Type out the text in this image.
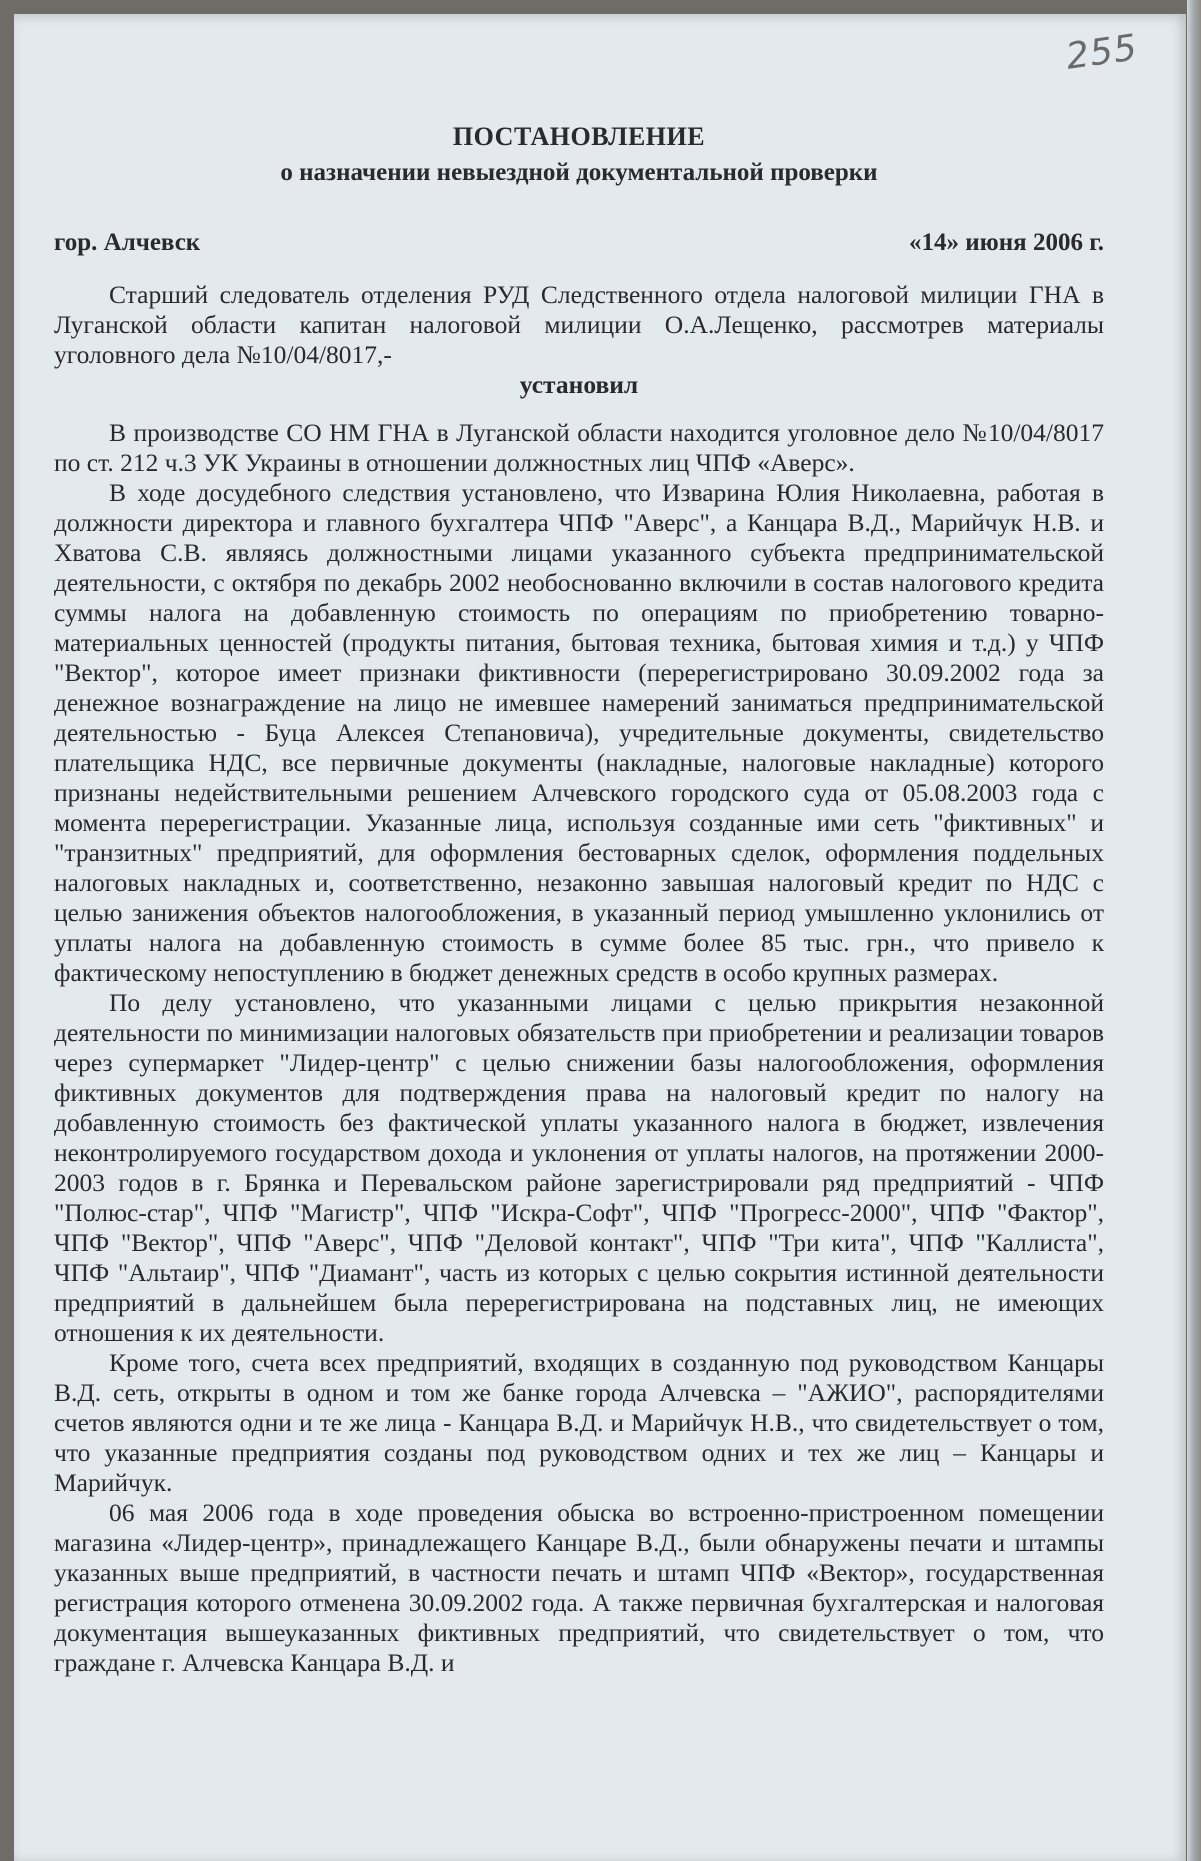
255

ПОСТАНОВЛЕНИЕ

о назначении невыездной документальной проверки

гор. Алчевск	«14» июня 2006 г.

Старший следователь отделения РУД Следственного отдела налоговой милиции ГНА в Луганской области капитан налоговой милиции О.А.Лещенко, рассмотрев материалы уголовного дела №10/04/8017,-

установил

В производстве СО НМ ГНА в Луганской области находится уголовное дело №10/04/8017 по ст. 212 ч.3 УК Украины в отношении должностных лиц ЧПФ «Аверс».

В ходе досудебного следствия установлено, что Изварина Юлия Николаевна, работая в должности директора и главного бухгалтера ЧПФ "Аверс", а Канцара В.Д., Марийчук Н.В. и Хватова С.В. являясь должностными лицами указанного субъекта предпринимательской деятельности, с октября по декабрь 2002 необоснованно включили в состав налогового кредита суммы налога на добавленную стоимость по операциям по приобретению товарно-материальных ценностей (продукты питания, бытовая техника, бытовая химия и т.д.) у ЧПФ "Вектор", которое имеет признаки фиктивности (перерегистрировано 30.09.2002 года за денежное вознаграждение на лицо не имевшее намерений заниматься предпринимательской деятельностью - Буца Алексея Степановича), учредительные документы, свидетельство плательщика НДС, все первичные документы (накладные, налоговые накладные) которого признаны недействительными решением Алчевского городского суда от 05.08.2003 года с момента перерегистрации. Указанные лица, используя созданные ими сеть "фиктивных" и "транзитных" предприятий, для оформления бестоварных сделок, оформления поддельных налоговых накладных и, соответственно, незаконно завышая налоговый кредит по НДС с целью занижения объектов налогообложения, в указанный период умышленно уклонились от уплаты налога на добавленную стоимость в сумме более 85 тыс. грн., что привело к фактическому непоступлению в бюджет денежных средств в особо крупных размерах.

По делу установлено, что указанными лицами с целью прикрытия незаконной деятельности по минимизации налоговых обязательств при приобретении и реализации товаров через супермаркет "Лидер-центр" с целью снижении базы налогообложения, оформления фиктивных документов для подтверждения права на налоговый кредит по налогу на добавленную стоимость без фактической уплаты указанного налога в бюджет, извлечения неконтролируемого государством дохода и уклонения от уплаты налогов, на протяжении 2000-2003 годов в г. Брянка и Перевальском районе зарегистрировали ряд предприятий - ЧПФ "Полюс-стар", ЧПФ "Магистр", ЧПФ "Искра-Софт", ЧПФ "Прогресс-2000", ЧПФ "Фактор", ЧПФ "Вектор", ЧПФ "Аверс", ЧПФ "Деловой контакт", ЧПФ "Три кита", ЧПФ "Каллиста", ЧПФ "Альтаир", ЧПФ "Диамант", часть из которых с целью сокрытия истинной деятельности предприятий в дальнейшем была перерегистрирована на подставных лиц, не имеющих отношения к их деятельности.

Кроме того, счета всех предприятий, входящих в созданную под руководством Канцары В.Д. сеть, открыты в одном и том же банке города Алчевска – "АЖИО", распорядителями счетов являются одни и те же лица - Канцара В.Д. и Марийчук Н.В., что свидетельствует о том, что указанные предприятия созданы под руководством одних и тех же лиц – Канцары и Марийчук.

06 мая 2006 года в ходе проведения обыска во встроенно-пристроенном помещении магазина «Лидер-центр», принадлежащего Канцаре В.Д., были обнаружены печати и штампы указанных выше предприятий, в частности печать и штамп ЧПФ «Вектор», государственная регистрация которого отменена 30.09.2002 года. А также первичная бухгалтерская и налоговая документация вышеуказанных фиктивных предприятий, что свидетельствует о том, что граждане г. Алчевска Канцара В.Д. и
